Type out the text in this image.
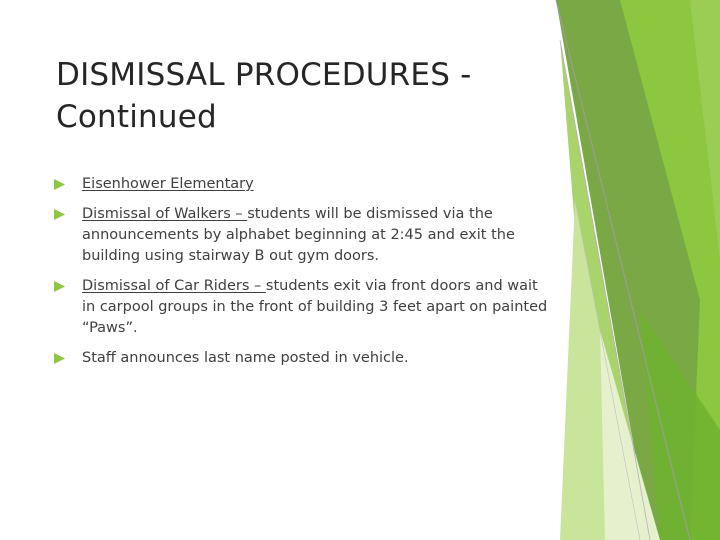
DISMISSAL PROCEDURES -
Continued
Eisenhower Elementary
Dismissal of Walkers – students will be dismissed via the announcements by alphabet beginning at 2:45 and exit the building using stairway B out gym doors.
Dismissal of Car Riders – students exit via front doors and wait in carpool groups in the front of building 3 feet apart on painted “Paws”.
Staff announces last name posted in vehicle.
